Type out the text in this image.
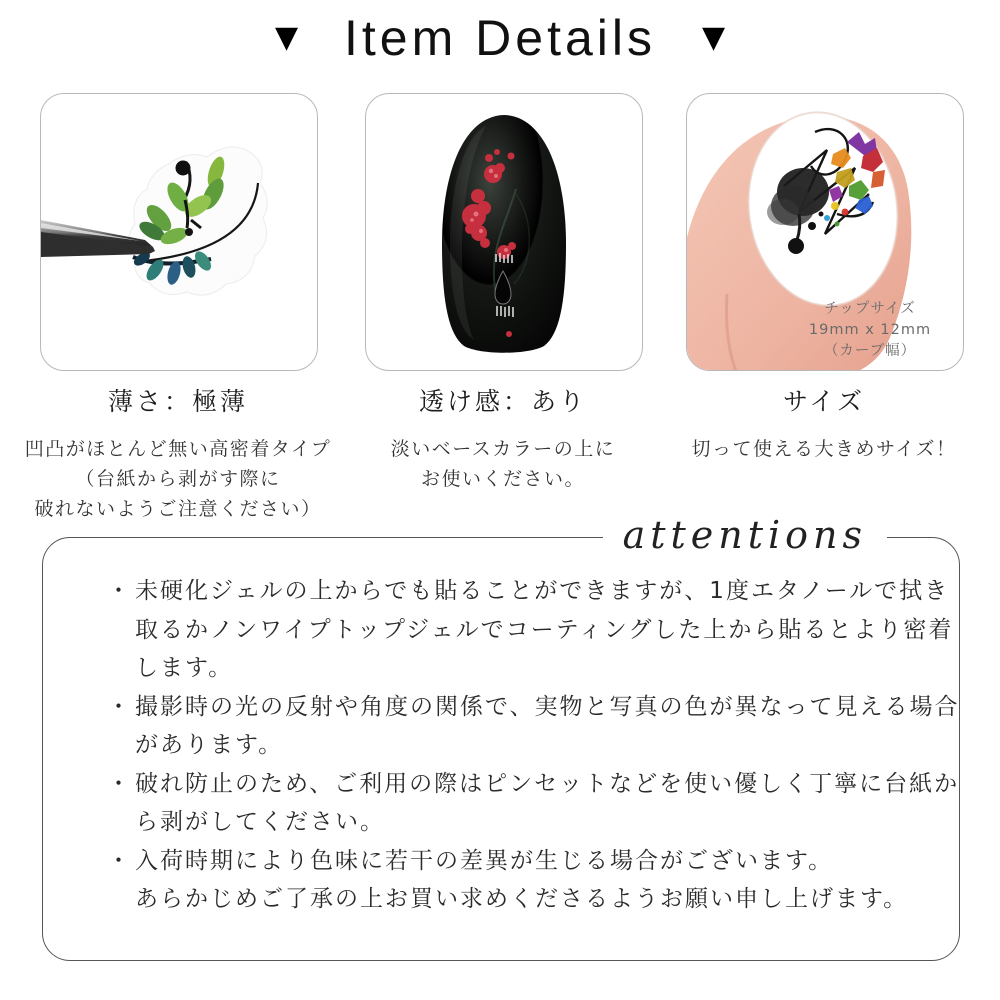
▼ Item Details ▼
チップサイズ
19mm x 12mm
（カーブ幅）
薄さ：極薄
凹凸がほとんど無い高密着タイプ
（台紙から剥がす際に
破れないようご注意ください）
透け感：あり
淡いベースカラーの上に
お使いください。
サイズ
切って使える大きめサイズ！
attentions
・ 未硬化ジェルの上からでも貼ることができますが、1度エタノールで拭き
取るかノンワイプトップジェルでコーティングした上から貼るとより密着
します。
・ 撮影時の光の反射や角度の関係で、実物と写真の色が異なって見える場合
があります。
・ 破れ防止のため、ご利用の際はピンセットなどを使い優しく丁寧に台紙か
ら剥がしてください。
・ 入荷時期により色味に若干の差異が生じる場合がございます。
あらかじめご了承の上お買い求めくださるようお願い申し上げます。
